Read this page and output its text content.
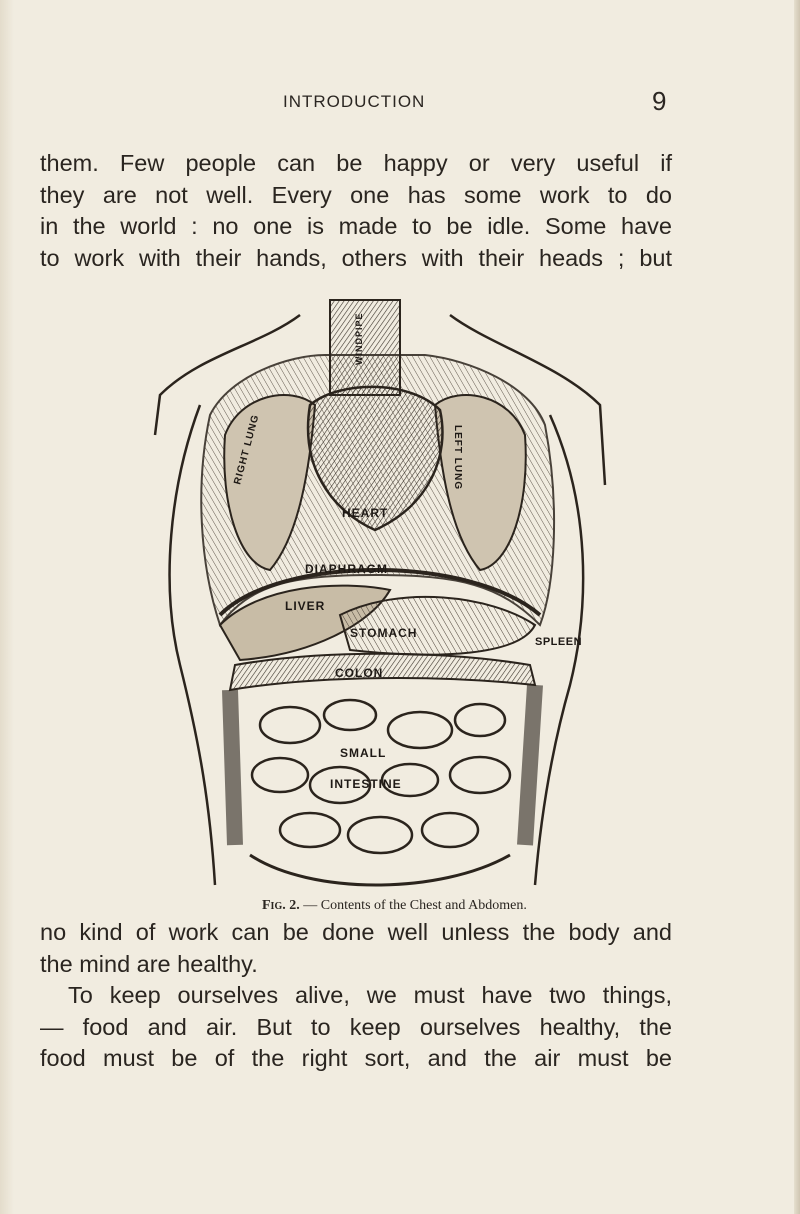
INTRODUCTION	9
them. Few people can be happy or very useful if
they are not well. Every one has some work to do
in the world : no one is made to be idle. Some have
to work with their hands, others with their heads ; but
HEART
DIAPHRAGM
LIVER
STOMACH
SPLEEN
COLON
SMALL
INTESTINE
RIGHT LUNG	LEFT LUNG
WINDPIPE
Fig. 2. — Contents of the Chest and Abdomen.
no kind of work can be done well unless the body and
the mind are healthy.
To keep ourselves alive, we must have two things,
— food and air. But to keep ourselves healthy, the
food must be of the right sort, and the air must be
